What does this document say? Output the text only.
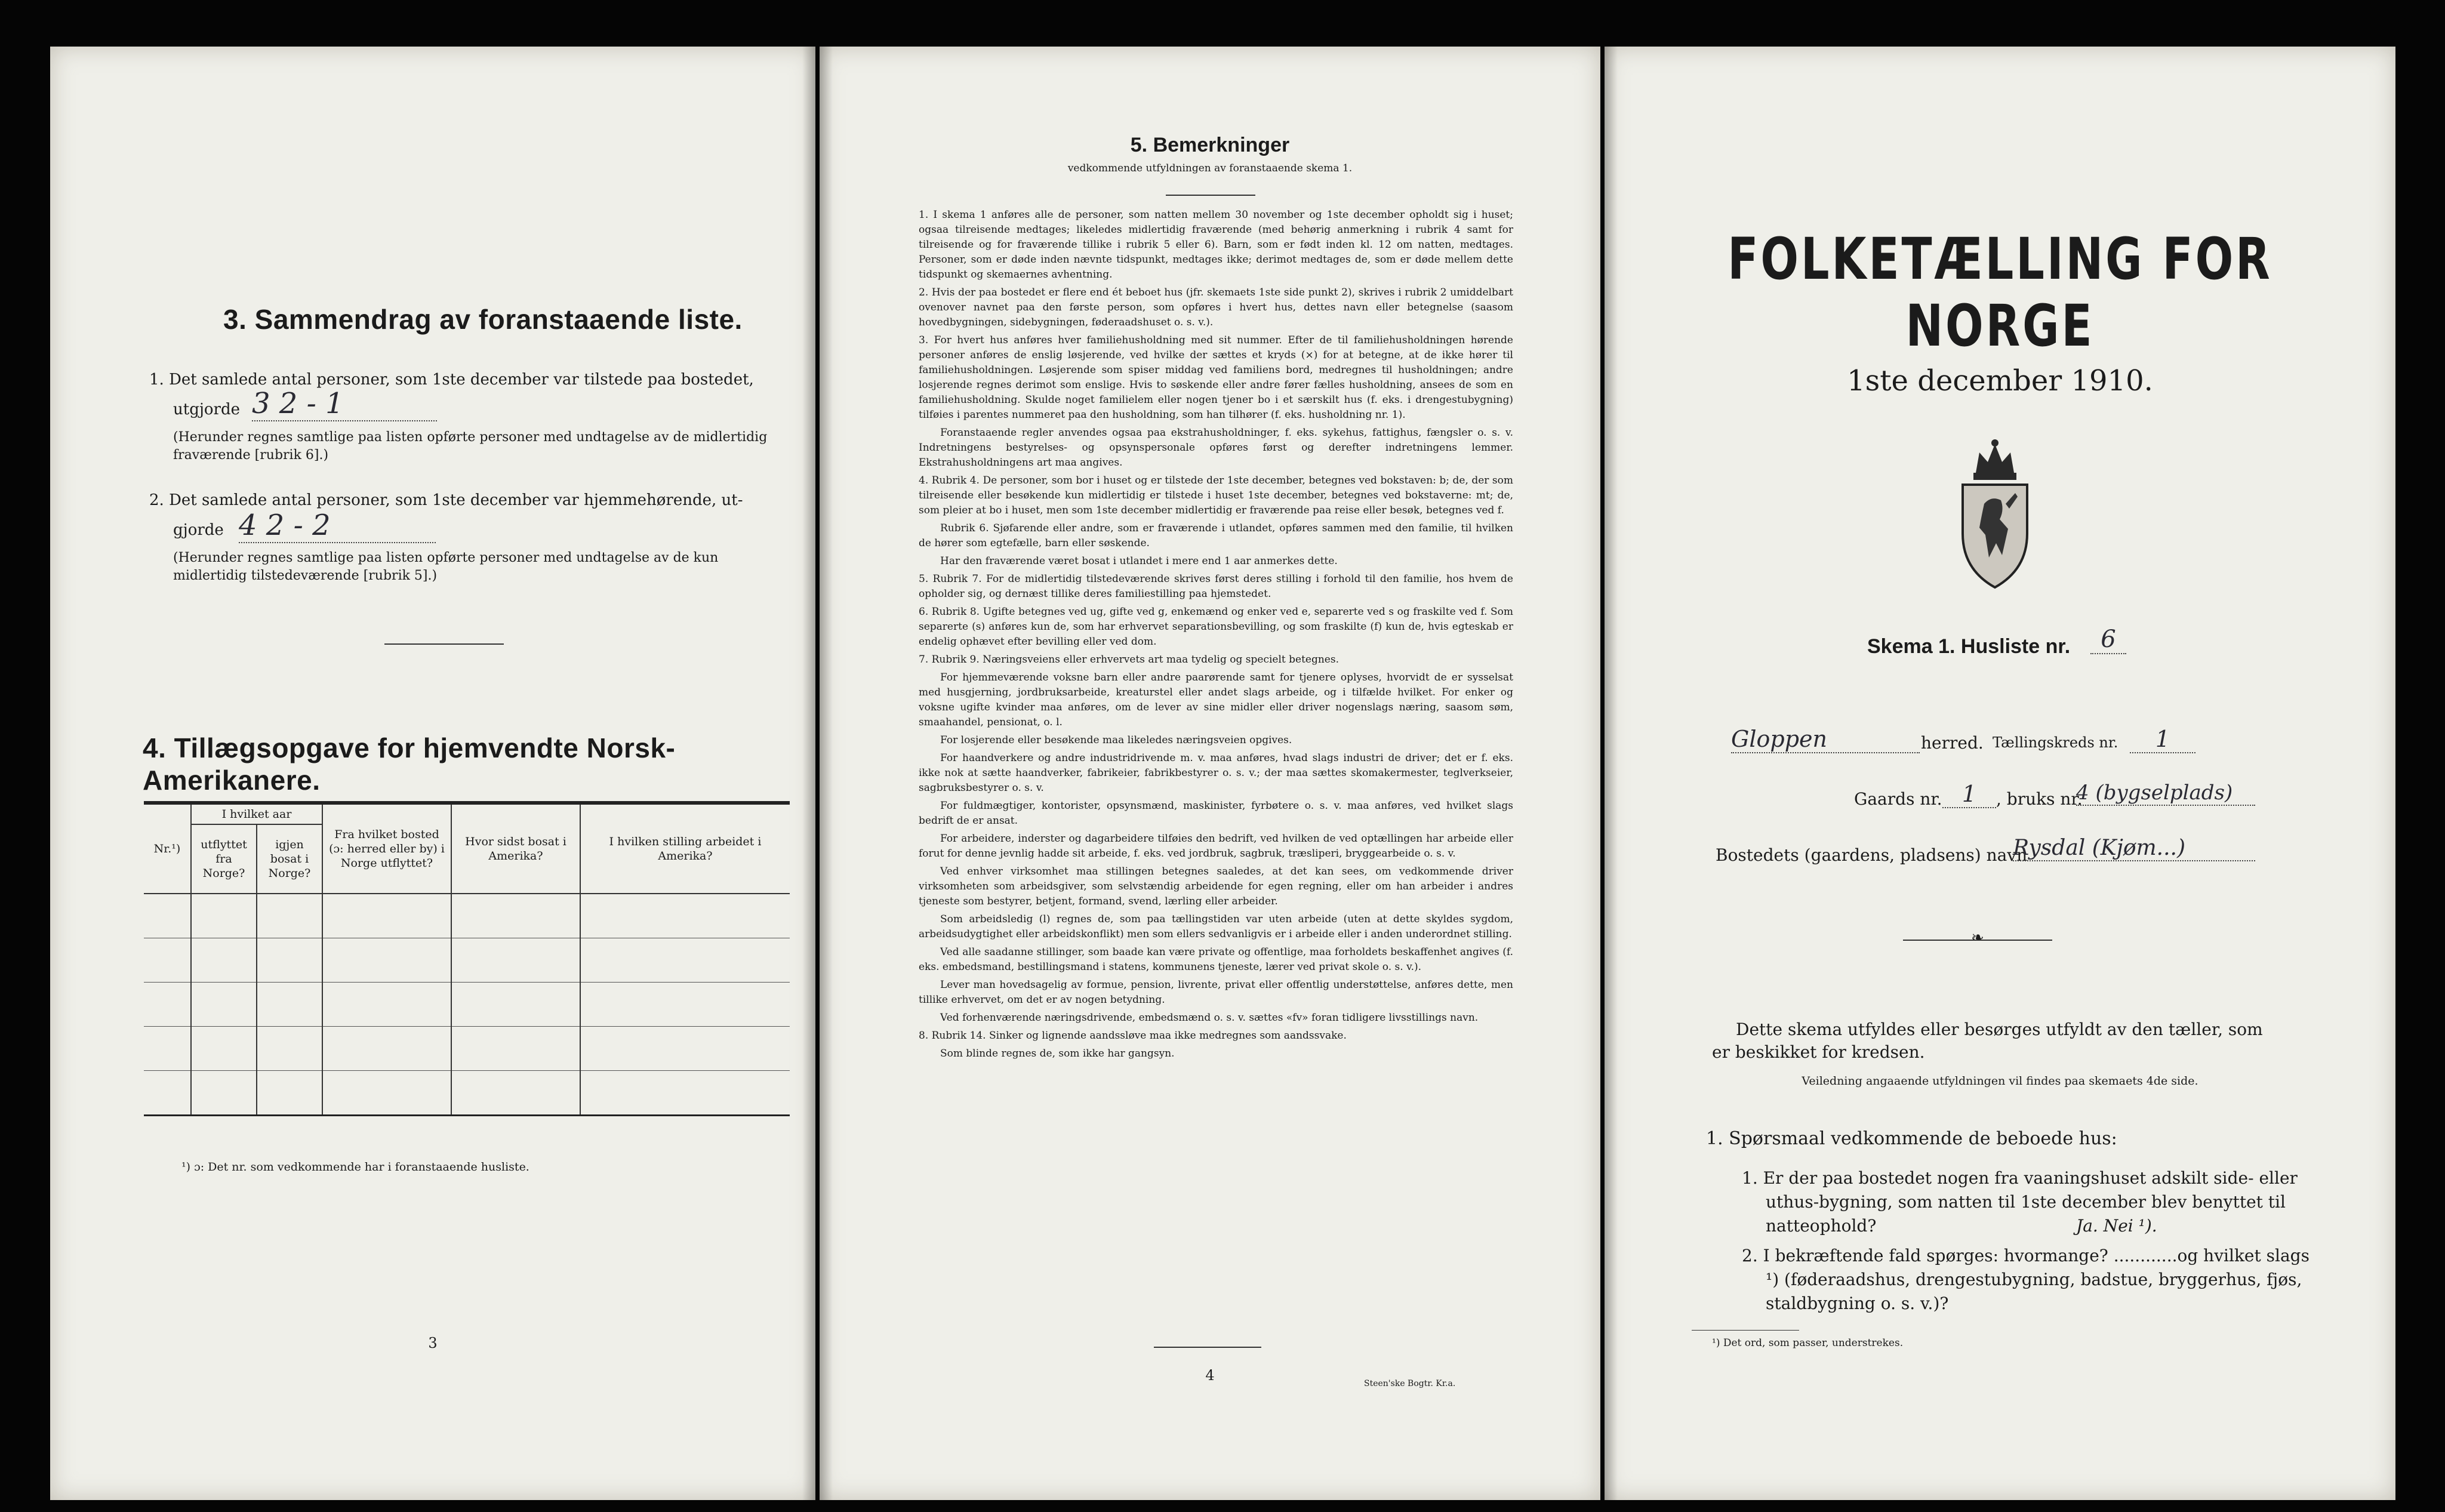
3. Sammendrag av foranstaaende liste.
1. Det samlede antal personer, som 1ste december var tilstede paa bostedet,
utgjorde 3 2 - 1
(Herunder regnes samtlige paa listen opførte personer med undtagelse av de midlertidig fraværende [rubrik 6].)
2. Det samlede antal personer, som 1ste december var hjemmehørende, ut-
gjorde 4 2 - 2
(Herunder regnes samtlige paa listen opførte personer med undtagelse av de kun midlertidig tilstedeværende [rubrik 5].)
4. Tillægsopgave for hjemvendte Norsk-Amerikanere.
Nr.¹)	I hvilket aar		Fra hvilket bosted (ɔ: herred eller by) i Norge utflyttet?	Hvor sidst bosat i Amerika?	I hvilken stilling arbeidet i Amerika?
	utflyttet fra Norge?	igjen bosat i Norge?			

¹) ɔ: Det nr. som vedkommende har i foranstaaende husliste.
3
5. Bemerkninger
vedkommende utfyldningen av foranstaaende skema 1.

1. I skema 1 anføres alle de personer, som natten mellem 30 november og 1ste december opholdt sig i huset; ogsaa tilreisende medtages; likeledes midlertidig fraværende (med behørig anmerkning i rubrik 4 samt for tilreisende og for fraværende tillike i rubrik 5 eller 6). Barn, som er født inden kl. 12 om natten, medtages. Personer, som er døde inden nævnte tidspunkt, medtages ikke; derimot medtages de, som er døde mellem dette tidspunkt og skemaernes avhentning.

2. Hvis der paa bostedet er flere end ét beboet hus (jfr. skemaets 1ste side punkt 2), skrives i rubrik 2 umiddelbart ovenover navnet paa den første person, som opføres i hvert hus, dettes navn eller betegnelse (saasom hovedbygningen, sidebygningen, føderaadshuset o. s. v.).

3. For hvert hus anføres hver familiehusholdning med sit nummer. Efter de til familiehusholdningen hørende personer anføres de enslig løsjerende, ved hvilke der sættes et kryds (×) for at betegne, at de ikke hører til familiehusholdningen. Løsjerende som spiser middag ved familiens bord, medregnes til husholdningen; andre losjerende regnes derimot som enslige. Hvis to søskende eller andre fører fælles husholdning, ansees de som en familiehusholdning. Skulde noget familielem eller nogen tjener bo i et særskilt hus (f. eks. i drengestubygning) tilføies i parentes nummeret paa den husholdning, som han tilhører (f. eks. husholdning nr. 1).

Foranstaaende regler anvendes ogsaa paa ekstrahusholdninger, f. eks. sykehus, fattighus, fængsler o. s. v. Indretningens bestyrelses- og opsynspersonale opføres først og derefter indretningens lemmer. Ekstrahusholdningens art maa angives.

4. Rubrik 4. De personer, som bor i huset og er tilstede der 1ste december, betegnes ved bokstaven: b; de, der som tilreisende eller besøkende kun midlertidig er tilstede i huset 1ste december, betegnes ved bokstaverne: mt; de, som pleier at bo i huset, men som 1ste december midlertidig er fraværende paa reise eller besøk, betegnes ved f.

Rubrik 6. Sjøfarende eller andre, som er fraværende i utlandet, opføres sammen med den familie, til hvilken de hører som egtefælle, barn eller søskende.

Har den fraværende været bosat i utlandet i mere end 1 aar anmerkes dette.

5. Rubrik 7. For de midlertidig tilstedeværende skrives først deres stilling i forhold til den familie, hos hvem de opholder sig, og dernæst tillike deres familiestilling paa hjemstedet.

6. Rubrik 8. Ugifte betegnes ved ug, gifte ved g, enkemænd og enker ved e, separerte ved s og fraskilte ved f. Som separerte (s) anføres kun de, som har erhvervet separationsbevilling, og som fraskilte (f) kun de, hvis egteskab er endelig ophævet efter bevilling eller ved dom.

7. Rubrik 9. Næringsveiens eller erhvervets art maa tydelig og specielt betegnes.

For hjemmeværende voksne barn eller andre paarørende samt for tjenere oplyses, hvorvidt de er sysselsat med husgjerning, jordbruksarbeide, kreaturstel eller andet slags arbeide, og i tilfælde hvilket. For enker og voksne ugifte kvinder maa anføres, om de lever av sine midler eller driver nogenslags næring, saasom søm, smaahandel, pensionat, o. l.

For losjerende eller besøkende maa likeledes næringsveien opgives.

For haandverkere og andre industridrivende m. v. maa anføres, hvad slags industri de driver; det er f. eks. ikke nok at sætte haandverker, fabrikeier, fabrikbestyrer o. s. v.; der maa sættes skomakermester, teglverkseier, sagbruksbestyrer o. s. v.

For fuldmægtiger, kontorister, opsynsmænd, maskinister, fyrbøtere o. s. v. maa anføres, ved hvilket slags bedrift de er ansat.

For arbeidere, inderster og dagarbeidere tilføies den bedrift, ved hvilken de ved optællingen har arbeide eller forut for denne jevnlig hadde sit arbeide, f. eks. ved jordbruk, sagbruk, træsliperi, bryggearbeide o. s. v.

Ved enhver virksomhet maa stillingen betegnes saaledes, at det kan sees, om vedkommende driver virksomheten som arbeidsgiver, som selvstændig arbeidende for egen regning, eller om han arbeider i andres tjeneste som bestyrer, betjent, formand, svend, lærling eller arbeider.

Som arbeidsledig (l) regnes de, som paa tællingstiden var uten arbeide (uten at dette skyldes sygdom, arbeidsudygtighet eller arbeidskonflikt) men som ellers sedvanligvis er i arbeide eller i anden underordnet stilling.

Ved alle saadanne stillinger, som baade kan være private og offentlige, maa forholdets beskaffenhet angives (f. eks. embedsmand, bestillingsmand i statens, kommunens tjeneste, lærer ved privat skole o. s. v.).

Lever man hovedsagelig av formue, pension, livrente, privat eller offentlig understøttelse, anføres dette, men tillike erhvervet, om det er av nogen betydning.

Ved forhenværende næringsdrivende, embedsmænd o. s. v. sættes «fv» foran tidligere livsstillings navn.

8. Rubrik 14. Sinker og lignende aandssløve maa ikke medregnes som aandssvake.

Som blinde regnes de, som ikke har gangsyn.

4	Steen'ske Bogtr. Kr.a.
FOLKETÆLLING FOR NORGE
1ste december 1910.
Skema 1. Husliste nr.	6
Gloppen	herred. Tællingskreds nr.	1
Gaards nr. 1	, bruks nr.
4 (bygselplads)
Bostedets (gaardens, pladsens) navn
Rysdal (Kjøm...)
❧
Dette skema utfyldes eller besørges utfyldt av den tæller, som er beskikket for kredsen.
Veiledning angaaende utfyldningen vil findes paa skemaets 4de side.
1. Spørsmaal vedkommende de beboede hus:
1. Er der paa bostedet nogen fra vaaningshuset adskilt side- eller uthus-bygning, som natten til 1ste december blev benyttet til natteophold?	Ja. Nei ¹).
2. I bekræftende fald spørges: hvormange? ............og hvilket slags ¹) (føderaadshus, drengestubygning, badstue, bryggerhus, fjøs, staldbygning o. s. v.)?
¹) Det ord, som passer, understrekes.
